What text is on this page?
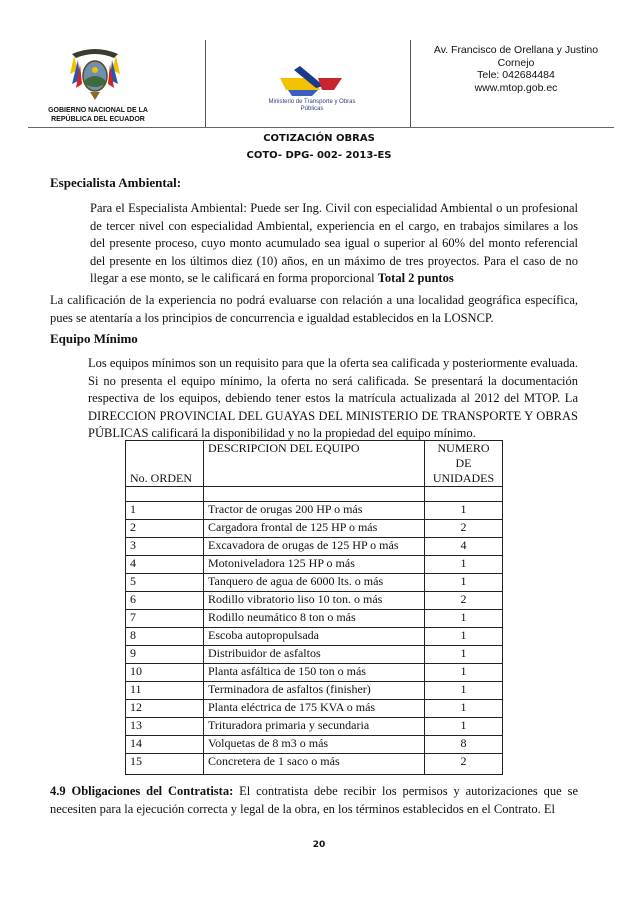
GOBIERNO NACIONAL DE LA REPÚBLICA DEL ECUADOR
Ministerio de Transporte y Obras Públicas
Av. Francisco de Orellana y Justino
Cornejo
Tele: 042684484
www.mtop.gob.ec
COTIZACIÓN OBRAS
COTO- DPG- 002- 2013-ES
Especialista Ambiental:
Para el Especialista Ambiental: Puede ser Ing. Civil con especialidad Ambiental o un profesional de tercer nivel con especialidad Ambiental, experiencia en el cargo, en trabajos similares a los del presente proceso, cuyo monto acumulado sea igual o superior al 60% del monto referencial del presente en los últimos diez (10) años, en un máximo de tres proyectos. Para el caso de no llegar a ese monto, se le calificará en forma proporcional Total 2 puntos
La calificación de la experiencia no podrá evaluarse con relación a una localidad geográfica específica, pues se atentaría a los principios de concurrencia e igualdad establecidos en la LOSNCP.
Equipo Mínimo
Los equipos mínimos son un requisito para que la oferta sea calificada y posteriormente evaluada. Si no presenta el equipo mínimo, la oferta no será calificada. Se presentará la documentación respectiva de los equipos, debiendo tener estos la matrícula actualizada al 2012 del MTOP. La DIRECCION PROVINCIAL DEL GUAYAS DEL MINISTERIO DE TRANSPORTE Y OBRAS PÚBLICAS calificará la disponibilidad y no la propiedad del equipo mínimo.
No. ORDEN	DESCRIPCION DEL EQUIPO	NUMERO
DE UNIDADES

1	Tractor de orugas 200 HP o más	1
2	Cargadora frontal de 125 HP o más	2
3	Excavadora de orugas de 125 HP o más	4
4	Motoniveladora 125 HP o más	1
5	Tanquero de agua de 6000 lts. o más	1
6	Rodillo vibratorio liso 10 ton. o más	2
7	Rodillo neumático 8 ton o más	1
8	Escoba autopropulsada	1
9	Distribuidor de asfaltos	1
10	Planta asfáltica de 150 ton o más	1
11	Terminadora de asfaltos (finisher)	1
12	Planta eléctrica de 175 KVA o más	1
13	Trituradora primaria y secundaria	1
14	Volquetas de 8 m3 o más	8
15	Concretera de 1 saco o más	2
4.9 Obligaciones del Contratista: El contratista debe recibir los permisos y autorizaciones que se necesiten para la ejecución correcta y legal de la obra, en los términos establecidos en el Contrato. El
20
